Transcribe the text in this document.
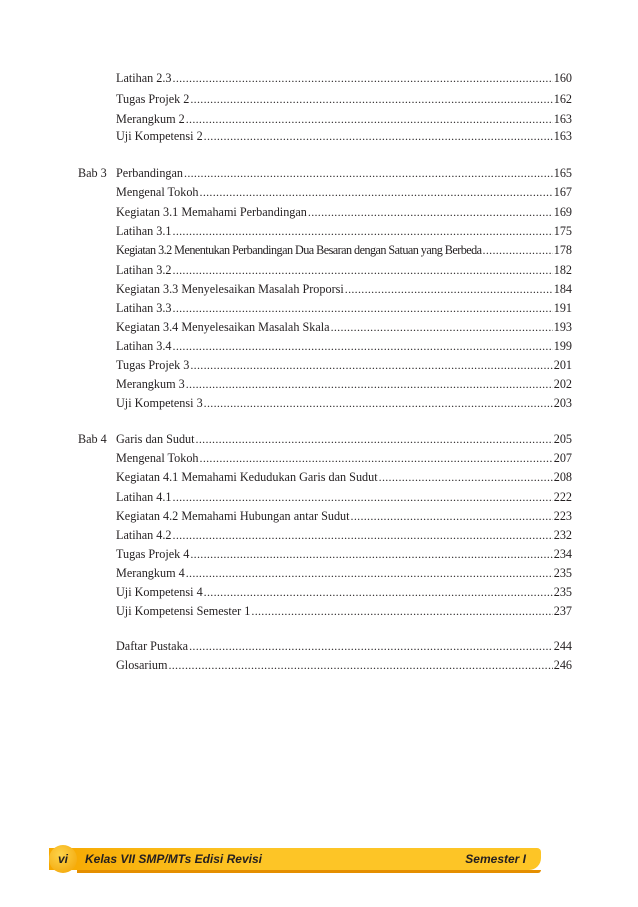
Latihan 2.3 .....	160
Tugas Projek 2 .....	162
Merangkum 2 .....	163
Uji Kompetensi 2 .....	163
Bab 3 Perbandingan .....	165
Mengenal Tokoh .....	167
Kegiatan 3.1 Memahami Perbandingan .....	169
Latihan 3.1 .....	175
Kegiatan 3.2 Menentukan Perbandingan Dua Besaran dengan Satuan yang Berbeda .....	178
Latihan 3.2 .....	182
Kegiatan 3.3 Menyelesaikan Masalah Proporsi .....	184
Latihan 3.3 .....	191
Kegiatan 3.4 Menyelesaikan Masalah Skala .....	193
Latihan 3.4 .....	199
Tugas Projek 3 .....	201
Merangkum 3 .....	202
Uji Kompetensi 3 .....	203
Bab 4 Garis dan Sudut .....	205
Mengenal Tokoh .....	207
Kegiatan 4.1 Memahami Kedudukan Garis dan Sudut .....	208
Latihan 4.1 .....	222
Kegiatan 4.2 Memahami Hubungan antar Sudut .....	223
Latihan 4.2 .....	232
Tugas Projek 4 .....	234
Merangkum 4 .....	235
Uji Kompetensi 4 .....	235
Uji Kompetensi Semester 1 .....	237
Daftar Pustaka .....	244
Glosarium .....	246
vi Kelas VII SMP/MTs Edisi Revisi	Semester I
